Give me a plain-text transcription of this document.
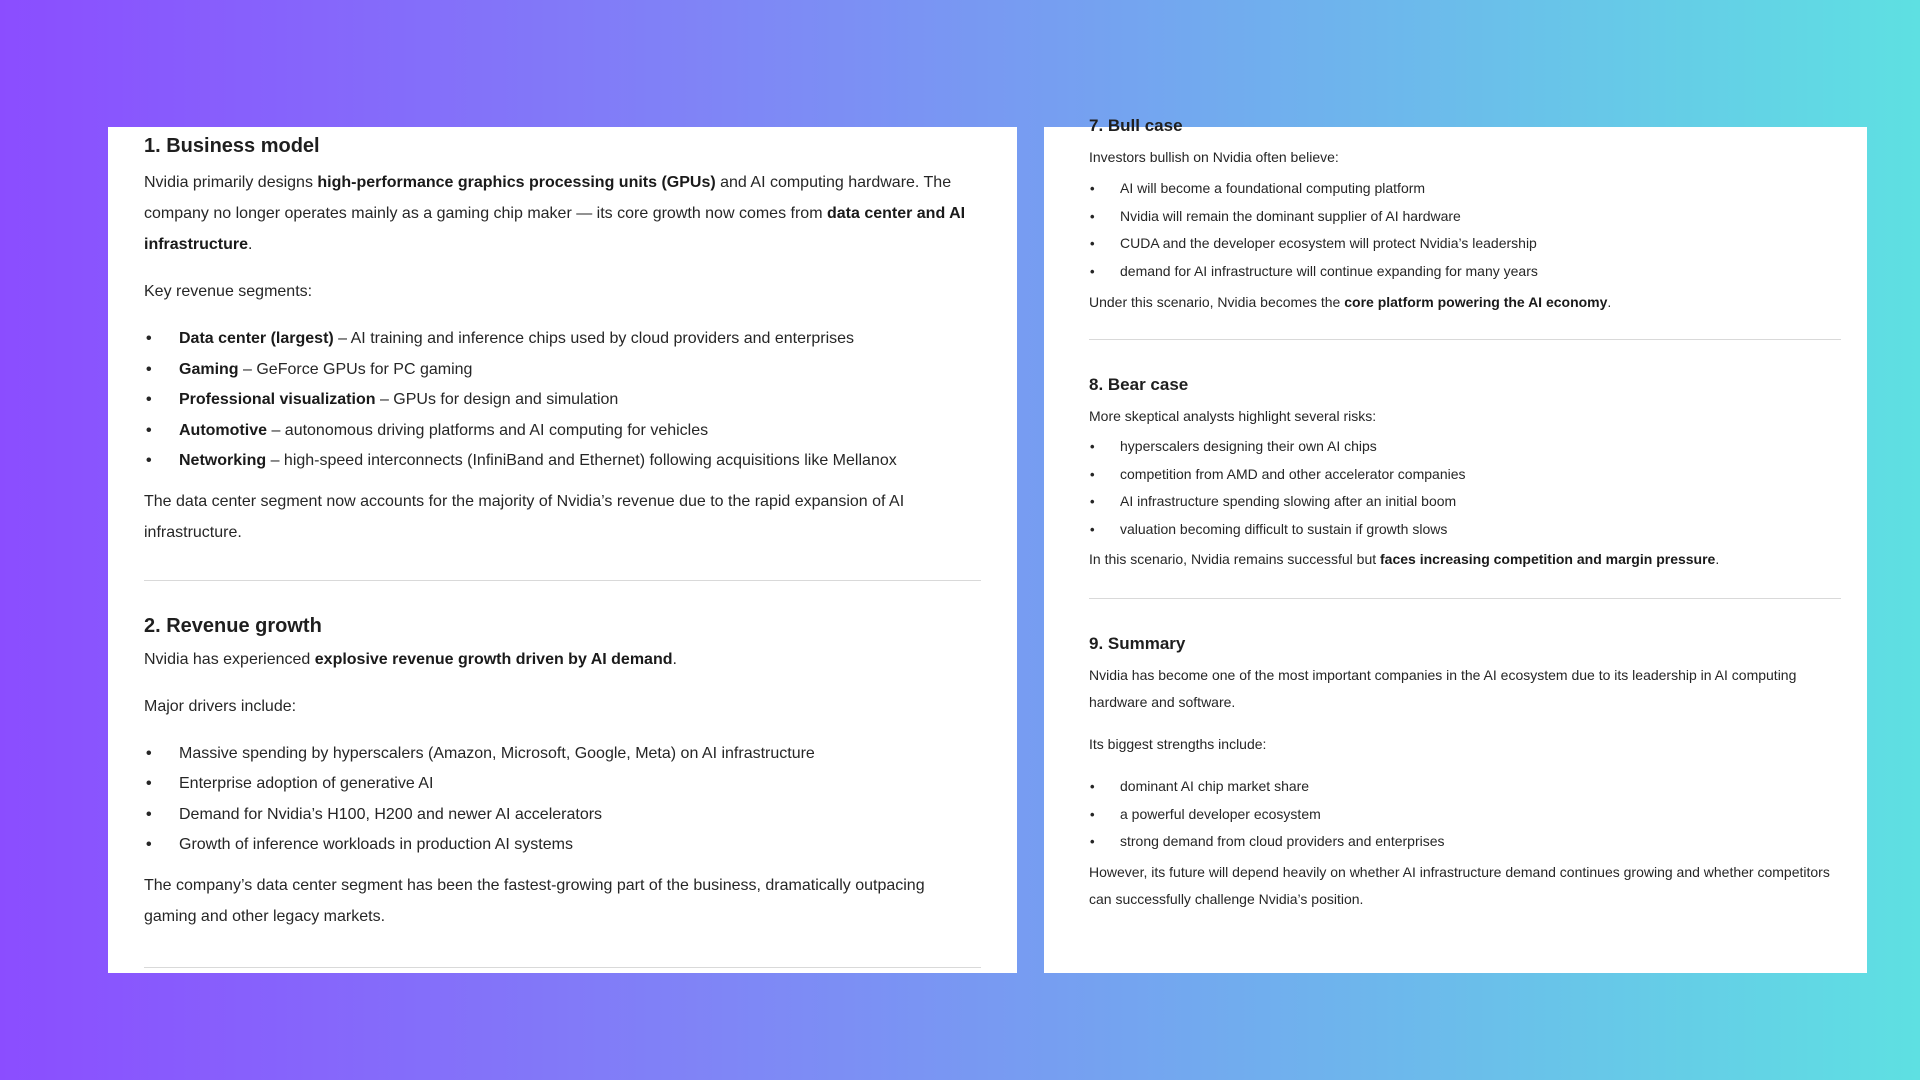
1. Business model

Nvidia primarily designs high-performance graphics processing units (GPUs) and AI computing hardware. The company no longer operates mainly as a gaming chip maker — its core growth now comes from data center and AI infrastructure.

Key revenue segments:

• Data center (largest) – AI training and inference chips used by cloud providers and enterprises
• Gaming – GeForce GPUs for PC gaming
• Professional visualization – GPUs for design and simulation
• Automotive – autonomous driving platforms and AI computing for vehicles
• Networking – high-speed interconnects (InfiniBand and Ethernet) following acquisitions like Mellanox

The data center segment now accounts for the majority of Nvidia’s revenue due to the rapid expansion of AI infrastructure.

2. Revenue growth

Nvidia has experienced explosive revenue growth driven by AI demand.

Major drivers include:

• Massive spending by hyperscalers (Amazon, Microsoft, Google, Meta) on AI infrastructure
• Enterprise adoption of generative AI
• Demand for Nvidia’s H100, H200 and newer AI accelerators
• Growth of inference workloads in production AI systems

The company’s data center segment has been the fastest-growing part of the business, dramatically outpacing gaming and other legacy markets.

7. Bull case

Investors bullish on Nvidia often believe:

• AI will become a foundational computing platform
• Nvidia will remain the dominant supplier of AI hardware
• CUDA and the developer ecosystem will protect Nvidia’s leadership
• demand for AI infrastructure will continue expanding for many years

Under this scenario, Nvidia becomes the core platform powering the AI economy.

8. Bear case

More skeptical analysts highlight several risks:

• hyperscalers designing their own AI chips
• competition from AMD and other accelerator companies
• AI infrastructure spending slowing after an initial boom
• valuation becoming difficult to sustain if growth slows

In this scenario, Nvidia remains successful but faces increasing competition and margin pressure.

9. Summary

Nvidia has become one of the most important companies in the AI ecosystem due to its leadership in AI computing hardware and software.

Its biggest strengths include:

• dominant AI chip market share
• a powerful developer ecosystem
• strong demand from cloud providers and enterprises

However, its future will depend heavily on whether AI infrastructure demand continues growing and whether competitors can successfully challenge Nvidia’s position.
